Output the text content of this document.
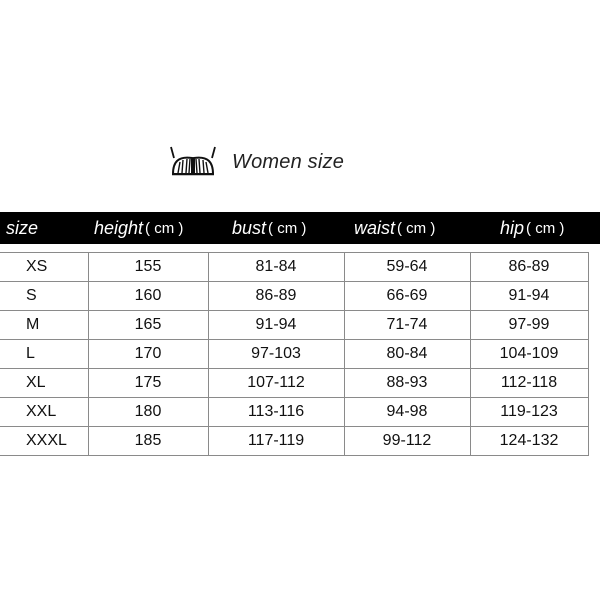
Women size
size	height ( cm )	bust ( cm )	waist ( cm )	hip ( cm )
XS	155	81-84	59-64	86-89
S	160	86-89	66-69	91-94
M	165	91-94	71-74	97-99
L	170	97-103	80-84	104-109
XL	175	107-112	88-93	112-118
XXL	180	113-116	94-98	119-123
XXXL	185	117-119	99-112	124-132
